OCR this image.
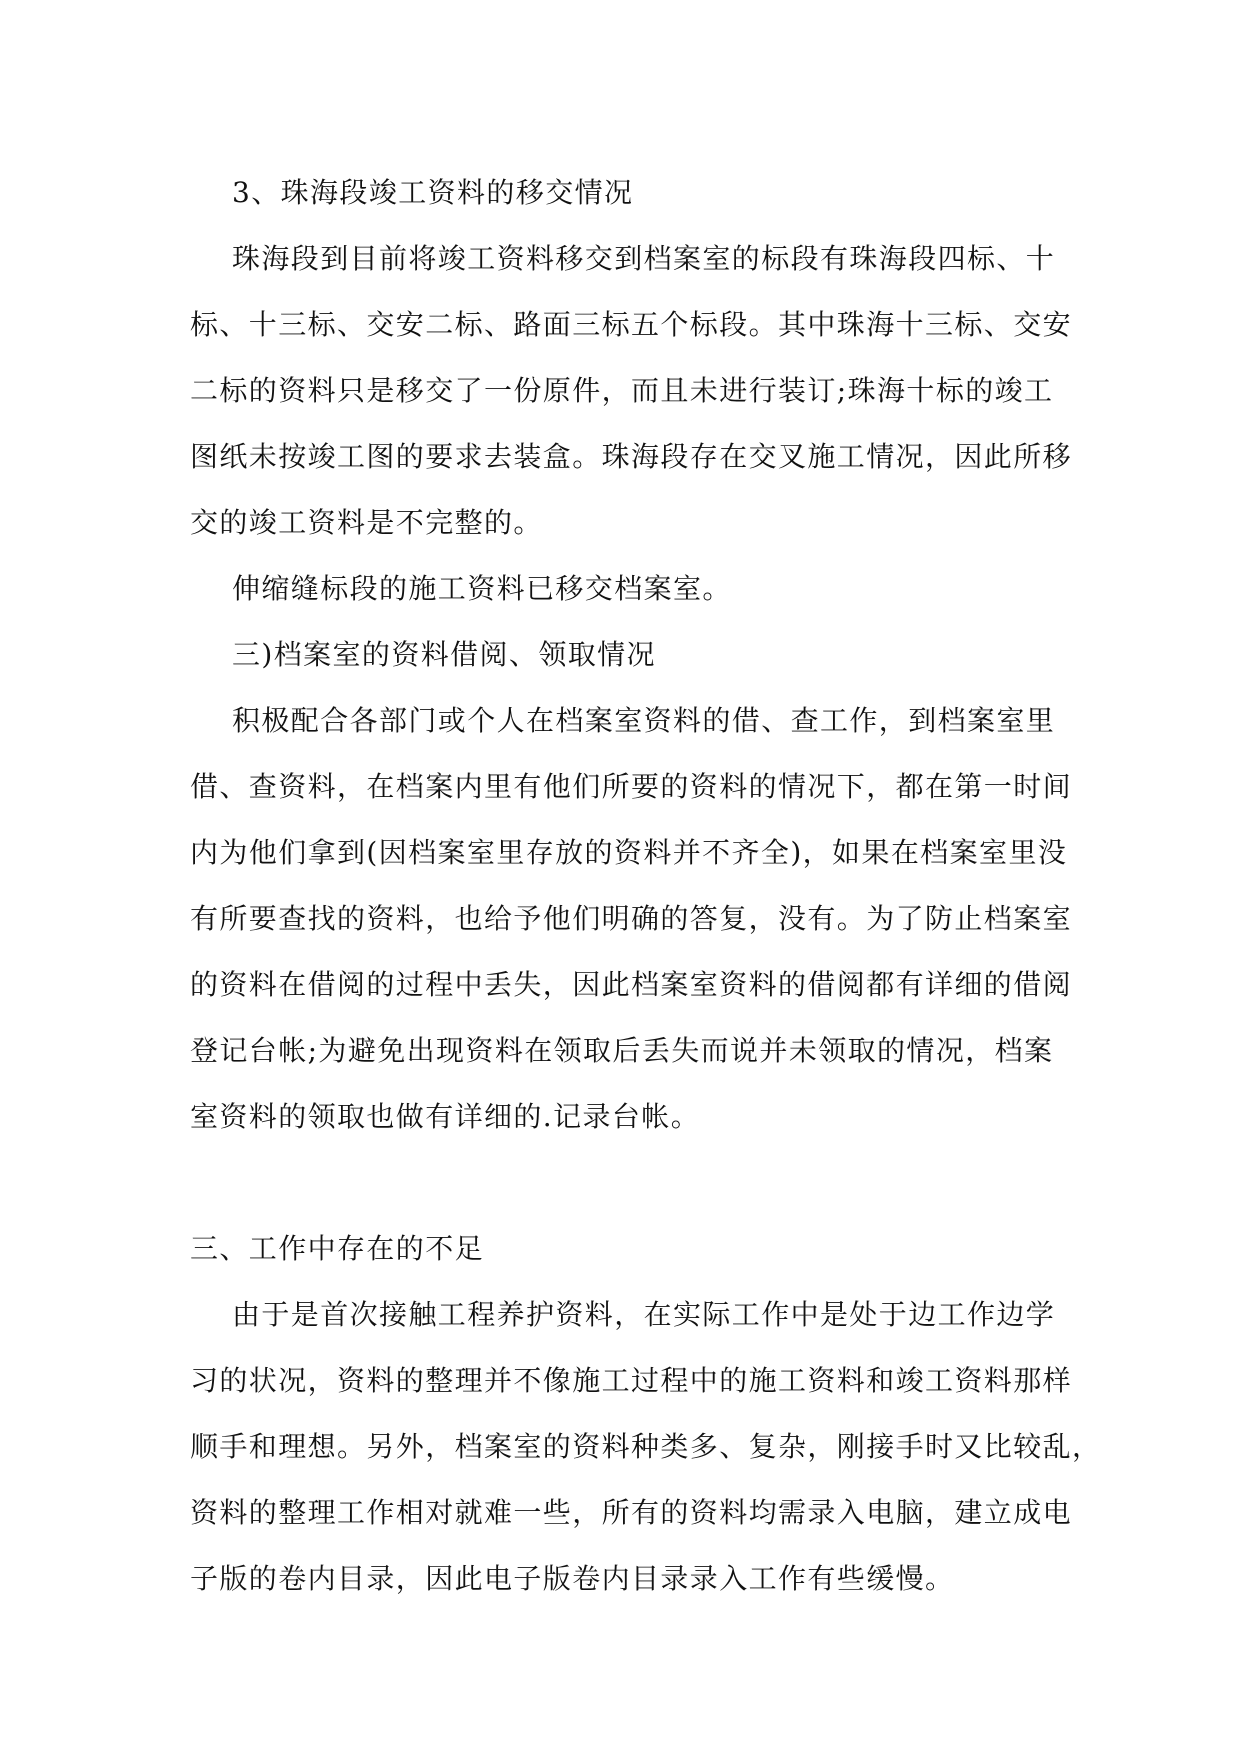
3、珠海段竣工资料的移交情况
珠海段到目前将竣工资料移交到档案室的标段有珠海段四标、十
标、十三标、交安二标、路面三标五个标段。其中珠海十三标、交安
二标的资料只是移交了一份原件，而且未进行装订;珠海十标的竣工
图纸未按竣工图的要求去装盒。珠海段存在交叉施工情况，因此所移
交的竣工资料是不完整的。
伸缩缝标段的施工资料已移交档案室。
三)档案室的资料借阅、领取情况
积极配合各部门或个人在档案室资料的借、查工作，到档案室里
借、查资料，在档案内里有他们所要的资料的情况下，都在第一时间
内为他们拿到(因档案室里存放的资料并不齐全)，如果在档案室里没
有所要查找的资料，也给予他们明确的答复，没有。为了防止档案室
的资料在借阅的过程中丢失，因此档案室资料的借阅都有详细的借阅
登记台帐;为避免出现资料在领取后丢失而说并未领取的情况，档案
室资料的领取也做有详细的.记录台帐。
三、工作中存在的不足
由于是首次接触工程养护资料，在实际工作中是处于边工作边学
习的状况，资料的整理并不像施工过程中的施工资料和竣工资料那样
顺手和理想。另外，档案室的资料种类多、复杂，刚接手时又比较乱，
资料的整理工作相对就难一些，所有的资料均需录入电脑，建立成电
子版的卷内目录，因此电子版卷内目录录入工作有些缓慢。
